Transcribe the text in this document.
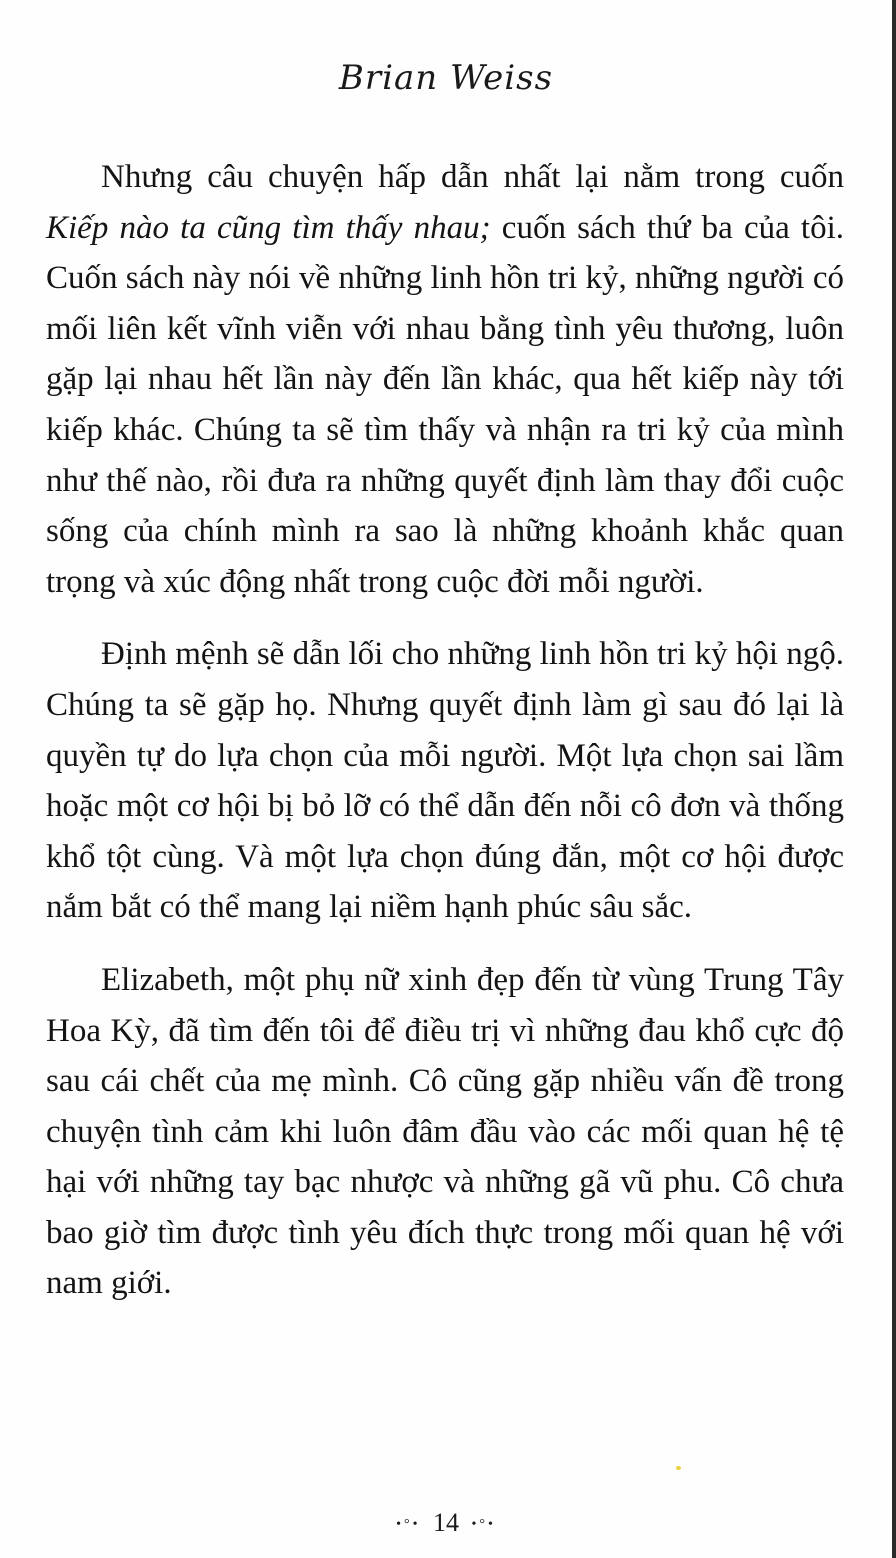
Brian Weiss

Nhưng câu chuyện hấp dẫn nhất lại nằm trong cuốn Kiếp nào ta cũng tìm thấy nhau; cuốn sách thứ ba của tôi. Cuốn sách này nói về những linh hồn tri kỷ, những người có mối liên kết vĩnh viễn với nhau bằng tình yêu thương, luôn gặp lại nhau hết lần này đến lần khác, qua hết kiếp này tới kiếp khác. Chúng ta sẽ tìm thấy và nhận ra tri kỷ của mình như thế nào, rồi đưa ra những quyết định làm thay đổi cuộc sống của chính mình ra sao là những khoảnh khắc quan trọng và xúc động nhất trong cuộc đời mỗi người.

Định mệnh sẽ dẫn lối cho những linh hồn tri kỷ hội ngộ. Chúng ta sẽ gặp họ. Nhưng quyết định làm gì sau đó lại là quyền tự do lựa chọn của mỗi người. Một lựa chọn sai lầm hoặc một cơ hội bị bỏ lỡ có thể dẫn đến nỗi cô đơn và thống khổ tột cùng. Và một lựa chọn đúng đắn, một cơ hội được nắm bắt có thể mang lại niềm hạnh phúc sâu sắc.

Elizabeth, một phụ nữ xinh đẹp đến từ vùng Trung Tây Hoa Kỳ, đã tìm đến tôi để điều trị vì những đau khổ cực độ sau cái chết của mẹ mình. Cô cũng gặp nhiều vấn đề trong chuyện tình cảm khi luôn đâm đầu vào các mối quan hệ tệ hại với những tay bạc nhược và những gã vũ phu. Cô chưa bao giờ tìm được tình yêu đích thực trong mối quan hệ với nam giới.

•°• 14 •°•
